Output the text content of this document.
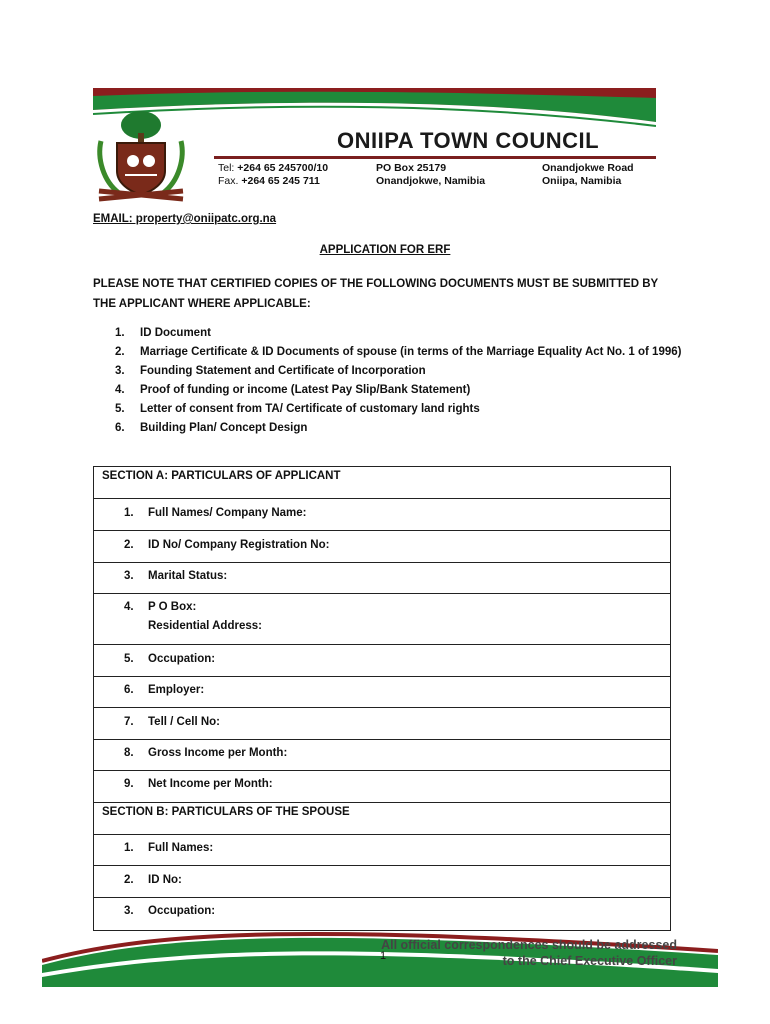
ONIIPA TOWN COUNCIL
Tel: +264 65 245700/10
Fax. +264 65 245 711
PO Box 25179
Onandjokwe, Namibia
Onandjokwe Road
Oniipa, Namibia
EMAIL: property@oniipatc.org.na
APPLICATION FOR ERF
PLEASE NOTE THAT CERTIFIED COPIES OF THE FOLLOWING DOCUMENTS MUST BE SUBMITTED BY THE APPLICANT WHERE APPLICABLE:
1. ID Document
2. Marriage Certificate & ID Documents of spouse (in terms of the Marriage Equality Act No. 1 of 1996)
3. Founding Statement and Certificate of Incorporation
4. Proof of funding or income (Latest Pay Slip/Bank Statement)
5. Letter of consent from TA/ Certificate of customary land rights
6. Building Plan/ Concept Design
SECTION A: PARTICULARS OF APPLICANT
1. Full Names/ Company Name:
2. ID No/ Company Registration No:
3. Marital Status:
4. P O Box:
Residential Address:
5. Occupation:
6. Employer:
7. Tell / Cell No:
8. Gross Income per Month:
9. Net Income per Month:
SECTION B: PARTICULARS OF THE SPOUSE
1. Full Names:
2. ID No:
3. Occupation:
All official correspondences should be addressed
to the Chief Executive Officer
1
